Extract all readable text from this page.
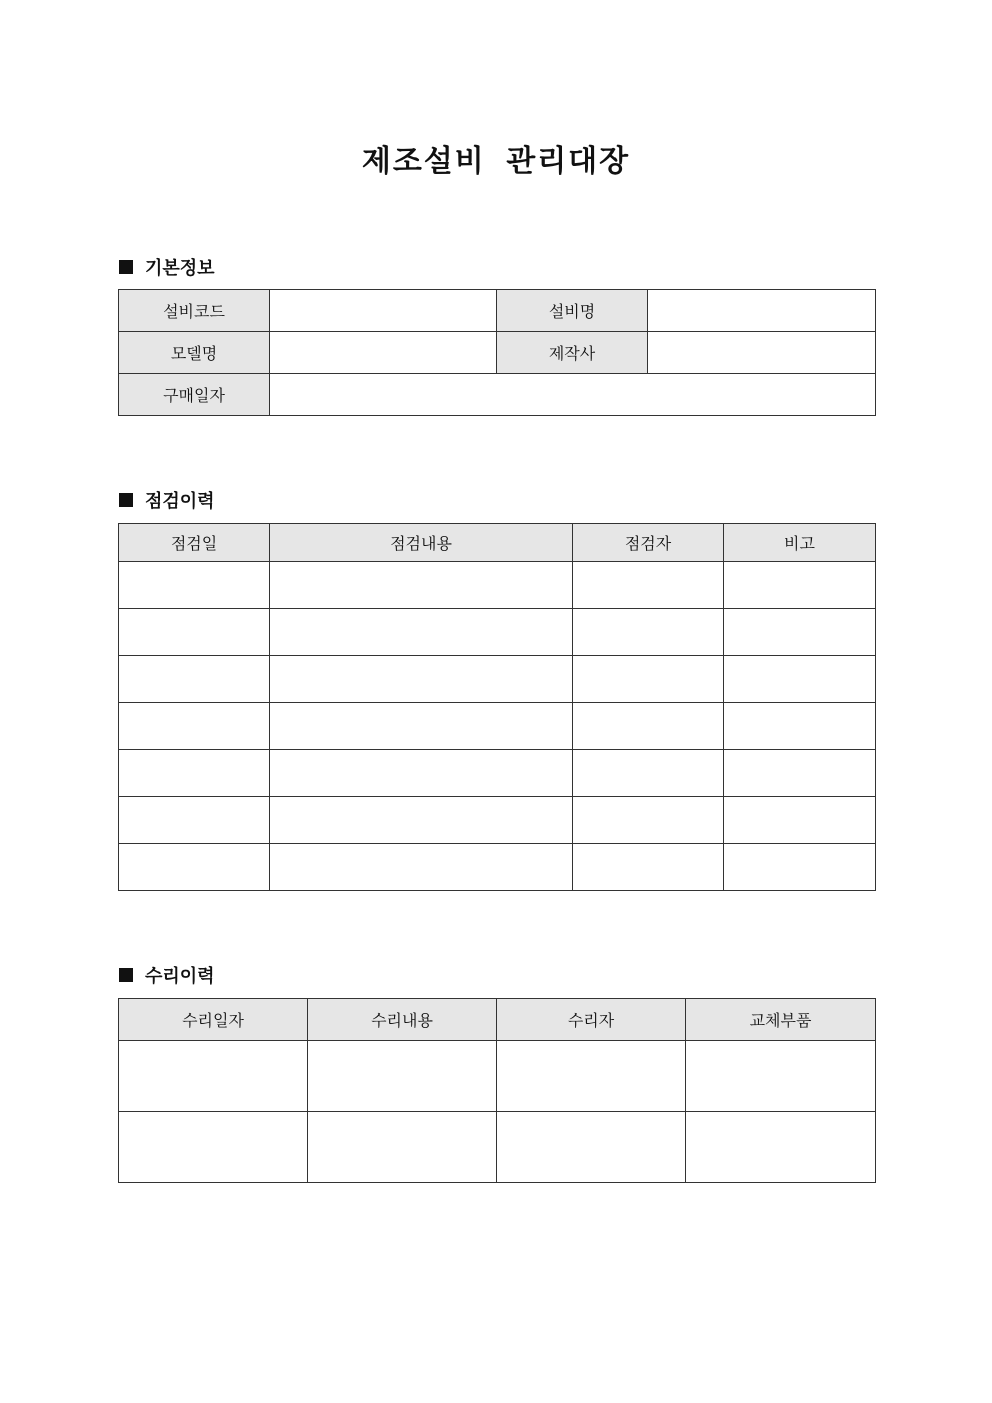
제조설비 관리대장
기본정보
설비코드		설비명	
모델명		제작사	
구매일자			
점검이력
점검일	점검내용	점검자	비고

수리이력
수리일자	수리내용	수리자	교체부품
